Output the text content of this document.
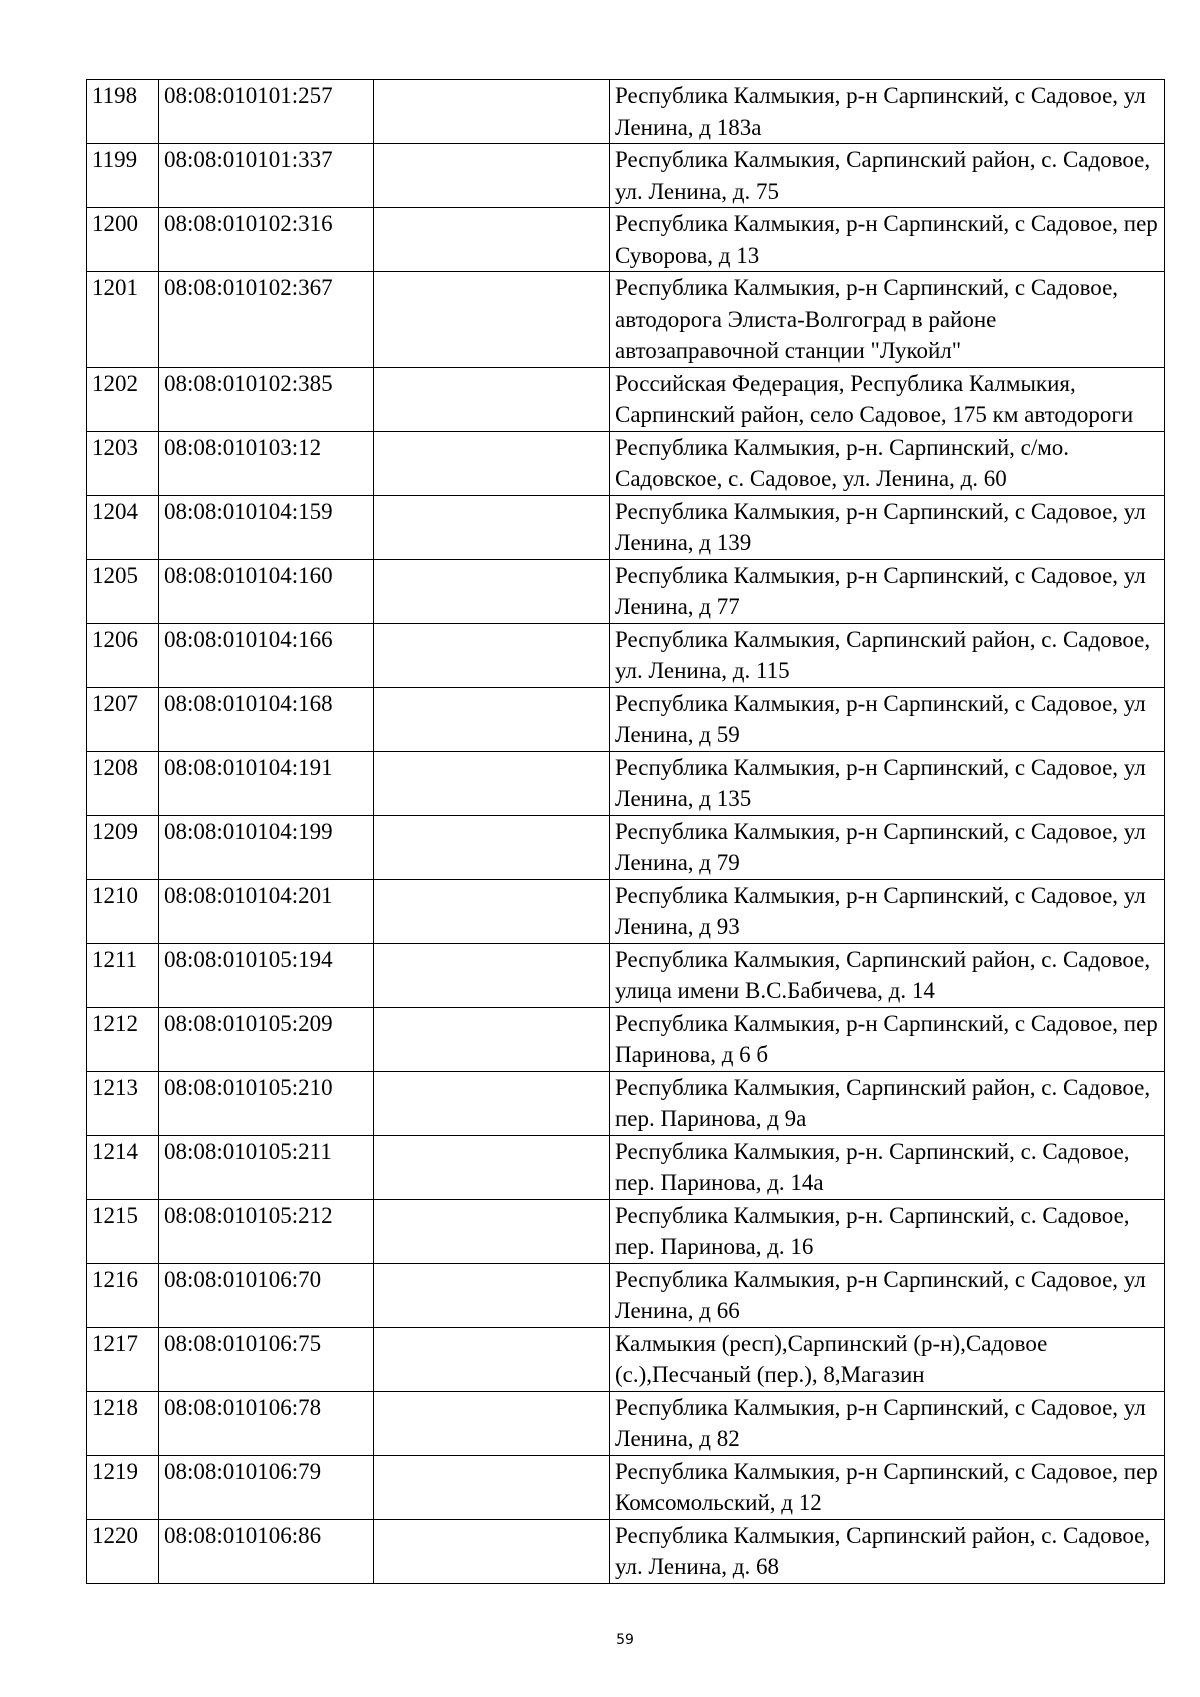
1198	08:08:010101:257		Республика Калмыкия, р-н Сарпинский, с Садовое, ул Ленина, д 183а
1199	08:08:010101:337		Республика Калмыкия, Сарпинский район, с. Садовое, ул. Ленина, д. 75
1200	08:08:010102:316		Республика Калмыкия, р-н Сарпинский, с Садовое, пер Суворова, д 13
1201	08:08:010102:367		Республика Калмыкия, р-н Сарпинский, с Садовое, автодорога Элиста-Волгоград в районе автозаправочной станции "Лукойл"
1202	08:08:010102:385		Российская Федерация, Республика Калмыкия, Сарпинский район, село Садовое, 175 км автодороги
1203	08:08:010103:12		Республика Калмыкия, р-н. Сарпинский, с/мо. Садовское, с. Садовое, ул. Ленина, д. 60
1204	08:08:010104:159		Республика Калмыкия, р-н Сарпинский, с Садовое, ул Ленина, д 139
1205	08:08:010104:160		Республика Калмыкия, р-н Сарпинский, с Садовое, ул Ленина, д 77
1206	08:08:010104:166		Республика Калмыкия, Сарпинский район, с. Садовое, ул. Ленина, д. 115
1207	08:08:010104:168		Республика Калмыкия, р-н Сарпинский, с Садовое, ул Ленина, д 59
1208	08:08:010104:191		Республика Калмыкия, р-н Сарпинский, с Садовое, ул Ленина, д 135
1209	08:08:010104:199		Республика Калмыкия, р-н Сарпинский, с Садовое, ул Ленина, д 79
1210	08:08:010104:201		Республика Калмыкия, р-н Сарпинский, с Садовое, ул Ленина, д 93
1211	08:08:010105:194		Республика Калмыкия, Сарпинский район, с. Садовое, улица имени В.С.Бабичева, д. 14
1212	08:08:010105:209		Республика Калмыкия, р-н Сарпинский, с Садовое, пер Паринова, д 6 б
1213	08:08:010105:210		Республика Калмыкия, Сарпинский район, с. Садовое, пер. Паринова, д 9а
1214	08:08:010105:211		Республика Калмыкия, р-н. Сарпинский, с. Садовое, пер. Паринова, д. 14а
1215	08:08:010105:212		Республика Калмыкия, р-н. Сарпинский, с. Садовое, пер. Паринова, д. 16
1216	08:08:010106:70		Республика Калмыкия, р-н Сарпинский, с Садовое, ул Ленина, д 66
1217	08:08:010106:75		Калмыкия (респ),Сарпинский (р-н),Садовое (с.),Песчаный (пер.), 8,Магазин
1218	08:08:010106:78		Республика Калмыкия, р-н Сарпинский, с Садовое, ул Ленина, д 82
1219	08:08:010106:79		Республика Калмыкия, р-н Сарпинский, с Садовое, пер Комсомольский, д 12
1220	08:08:010106:86		Республика Калмыкия, Сарпинский район, с. Садовое, ул. Ленина, д. 68
59
